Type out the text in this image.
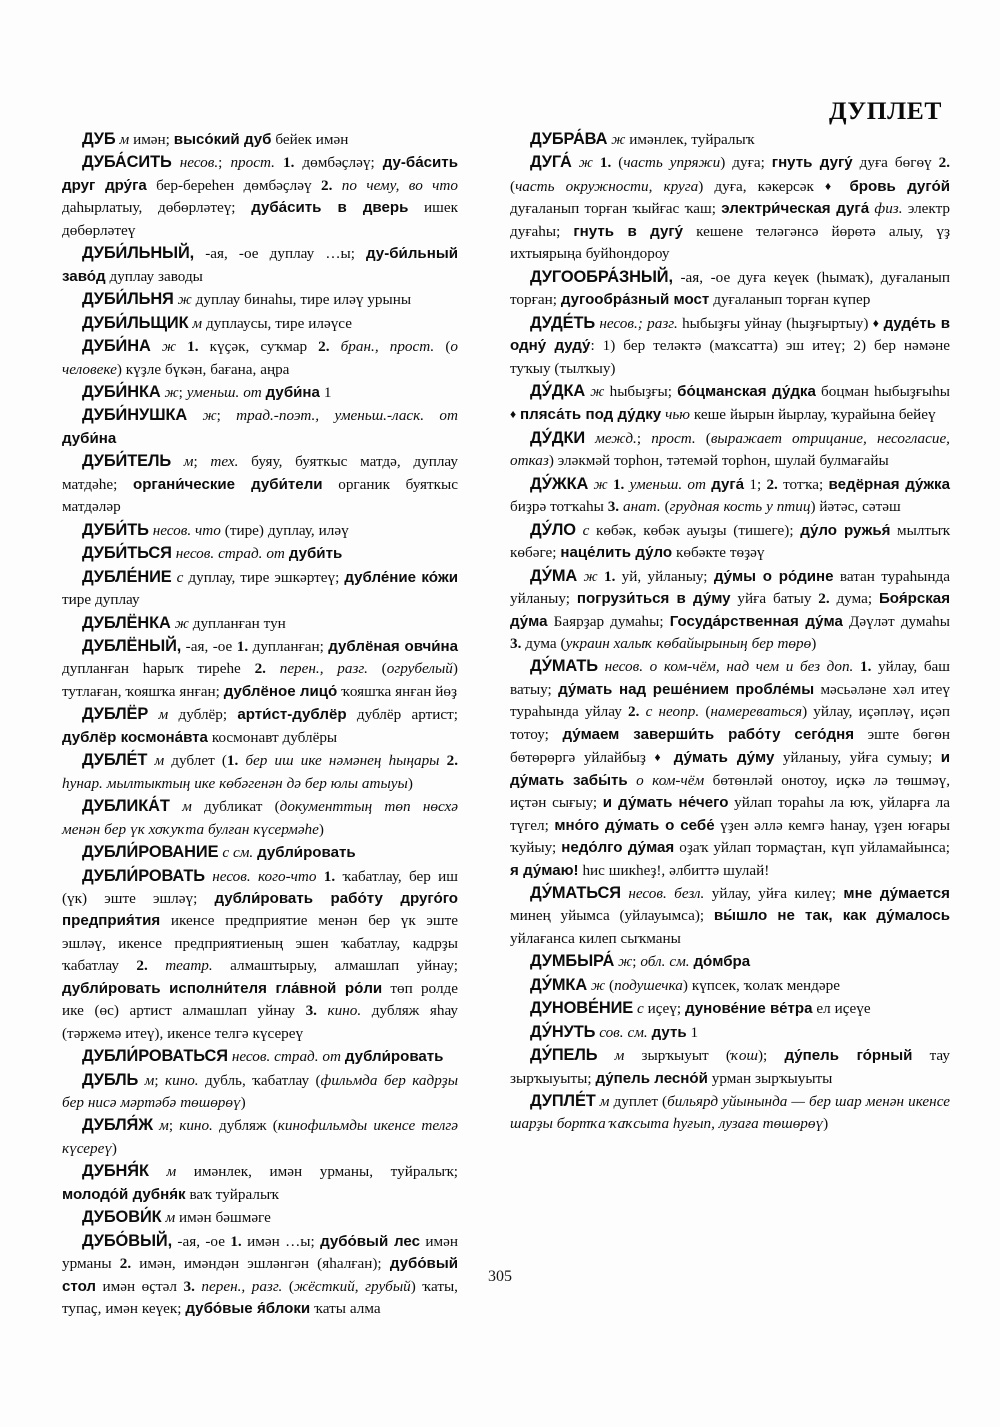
ДУПЛЕТ

ДУБ м имән; высо́кий дуб бейек имән

ДУБА́СИТЬ несов.; прост. 1. дөмбәҫләү; ду-ба́сить друг дру́га бер-береһен дөмбәҫләү 2. по чему, во что даһырлатыу, дөбөрләтеү; дуба́сить в дверь ишек дөбөрләтеү

ДУБИ́ЛЬНЫЙ, -ая, -ое дуплау …ы; ду-би́льный заво́д дуплау заводы

ДУБИ́ЛЬНЯ ж дуплау бинаһы, тире иләү урыны

ДУБИ́ЛЬЩИК м дуплаусы, тире иләүсе

ДУБИ́НА ж 1. күҫәк, суҡмар 2. бран., прост. (о человеке) күҙле бүкән, бағана, аңра

ДУБИ́НКА ж; уменьш. от дуби́на 1

ДУБИ́НУШКА ж; трад.-поэт., уменьш.-ласк. от дуби́на

ДУБИ́ТЕЛЬ м; тех. буяу, буяткыс матдә, дуплау матдәһе; органи́ческие дуби́тели органик буяткыс матдәләр

ДУБИ́ТЬ несов. что (тире) дуплау, иләү

ДУБИ́ТЬСЯ несов. страд. от дуби́ть

ДУБЛЕ́НИЕ с дуплау, тире эшкәртеү; дубле́ние ко́жи тире дуплау

ДУБЛЁНКА ж дупланған тун

ДУБЛЁНЫЙ, -ая, -ое 1. дупланған; дублёная овчи́на дупланған һарыҡ тиреһе 2. перен., разг. (огрубелый) тутлаған, ҡояшҡа янған; дублёное лицо́ ҡояшҡа янған йөҙ

ДУБЛЁР м дублёр; арти́ст-дублёр дублёр артист; дублёр космона́вта космонавт дублёры

ДУБЛЕ́Т м дублет (1. бер иш ике нәмәнең һыңары 2. һунар. мылтыктың ике көбәгенән дә бер юлы атыуы)

ДУБЛИКА́Т м дубликат (документтың төп нөсхә менән бер үк хоҡуҡта булған күсермәһе)

ДУБЛИ́РОВАНИЕ с см. дубли́ровать

ДУБЛИ́РОВАТЬ несов. кого-что 1. ҡабатлау, бер иш (үк) эште эшләү; дубли́ровать рабо́ту друго́го предприя́тия икенсе предприятие менән бер үк эште эшләү, икенсе предприятиеның эшен ҡабатлау, кадрҙы ҡабатлау 2. театр. алмаштырыу, алмашлап уйнау; дубли́ровать исполни́теля гла́вной ро́ли төп ролде ике (өс) артист алмашлап уйнау 3. кино. дубляж яһау (тәржемә итеү), икенсе телгә күсереү

ДУБЛИ́РОВАТЬСЯ несов. страд. от дубли́ровать

ДУБЛЬ м; кино. дубль, ҡабатлау (фильмда бер кадрҙы бер нисә мәртәбә төшөрөү)

ДУБЛЯ́Ж м; кино. дубляж (кинофильмды икенсе телгә күсереү)

ДУБНЯ́К м имәнлек, имән урманы, туйралыҡ; молодо́й дубня́к ваҡ туйралыҡ

ДУБОВИ́К м имән бәшмәге

ДУБО́ВЫЙ, -ая, -ое 1. имән …ы; дубо́вый лес имән урманы 2. имән, имәндән эшләнгән (яһалған); дубо́вый стол имән өҫтәл 3. перен., разг. (жёсткий, грубый) ҡаты, тупаҫ, имән кеүек; дубо́вые я́блоки ҡаты алма

ДУБРА́ВА ж имәнлек, туйралыҡ

ДУГА́ ж 1. (часть упряжи) дуға; гнуть дугу́ дуға бөгөү 2. (часть окружности, круга) дуға, кәкерсәк ♦ бровь дуго́й дуғаланып торған ҡыйғас ҡаш; электри́ческая дуга́ физ. электр дуғаһы; гнуть в дугу́ кешене теләгәнсә йөрөтә алыу, үҙ ихтыярыңа буйһондороу

ДУГООБРА́ЗНЫЙ, -ая, -ое дуға кеүек (һымаҡ), дуғаланып торған; дугообра́зный мост дуғаланып торған күпер

ДУДЕ́ТЬ несов.; разг. һыбыҙғы уйнау (һыҙғыртыу) ♦ дуде́ть в одну́ дуду́: 1) бер теләктә (маҡсатта) эш итеү; 2) бер нәмәне туҡыу (тылҡыу)

ДУ́ДКА ж һыбыҙғы; бо́цманская ду́дка боцман һыбыҙғыһы ♦ пляса́ть под ду́дку чью кеше йырын йырлау, ҡурайына бейеү

ДУ́ДКИ межд.; прост. (выражает отрицание, несогласие, отказ) эләкмәй торһон, тәтемәй торһон, шулай булмағайы

ДУ́ЖКА ж 1. уменьш. от дуга́ 1; 2. тотҡа; ведёрная ду́жка биҙрә тотҡаһы 3. анат. (грудная кость у птиц) йәтәс, сәтәш

ДУ́ЛО с көбәк, көбәк ауыҙы (тишеге); ду́ло ружья́ мылтыҡ көбәге; наце́лить ду́ло көбәкте төҙәү

ДУ́МА ж 1. уй, уйланыу; ду́мы о ро́дине ватан тураһында уйланыу; погрузи́ться в ду́му уйға батыу 2. дума; Боя́рская ду́ма Баярҙар думаһы; Госуда́рственная ду́ма Дәүләт думаһы 3. дума (украин халыҡ көбайырының бер төрө)

ДУ́МАТЬ несов. о ком-чём, над чем и без доп. 1. уйлау, баш ватыу; ду́мать над реше́нием пробле́мы мәсьәләне хәл итеү тураһында уйлау 2. с неопр. (намереваться) уйлау, иҫәпләү, иҫәп тотоу; ду́маем заверши́ть рабо́ту сего́дня эште бөгөн бөтөрөргә уйлайбыҙ ♦ ду́мать ду́му уйланыу, уйға сумыу; и ду́мать забы́ть о ком-чём бөтөнләй онотоу, иҫкә лә төшмәү, иҫтән сығыу; и ду́мать не́чего уйлап тораһы ла юҡ, уйларға ла түгел; мно́го ду́мать о себе́ үҙен әллә кемгә һанау, үҙен юғары ҡуйыу; недо́лго ду́мая оҙаҡ уйлап тормаҫтан, күп уйламайынса; я ду́маю! һис шикһеҙ!, әлбиттә шулай!

ДУ́МАТЬСЯ несов. безл. уйлау, уйға килеү; мне ду́мается минең уйымса (уйлауымса); вы́шло не так, как ду́малось уйлағанса килеп сыҡманы

ДУМБЫРА́ ж; обл. см. до́мбра

ДУ́МКА ж (подушечка) күпсек, ҡолаҡ мендәре

ДУНОВЕ́НИЕ с иҫеү; дунове́ние ве́тра ел иҫеүе

ДУ́НУТЬ сов. см. дуть 1

ДУ́ПЕЛЬ м зырҡыуыт (ҡош); ду́пель го́рный тау зырҡыуыты; ду́пель лесно́й урман зырҡыуыты

ДУПЛЕ́Т м дуплет (бильярд уйынында — бер шар менән икенсе шарҙы бортҡа ҡаҡсыта һуғып, лузаға төшөрөү)

305
